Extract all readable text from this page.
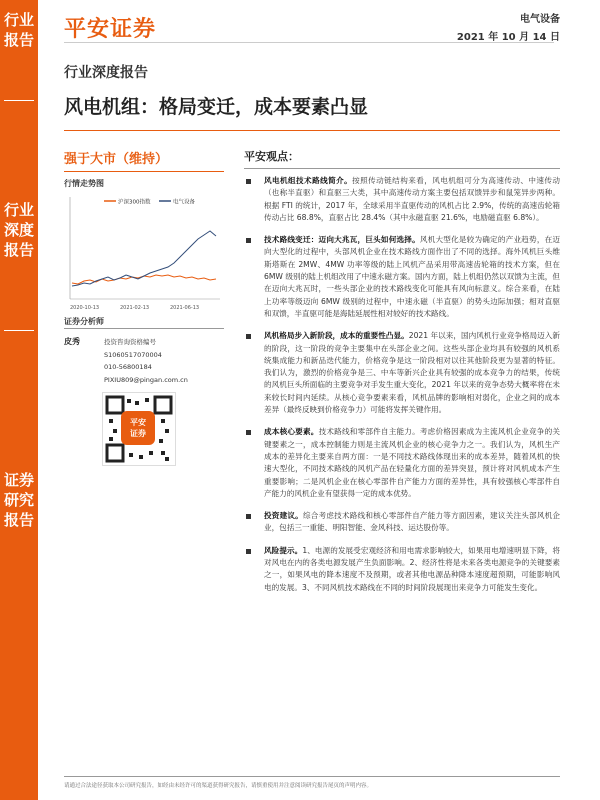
行业报告
行业深度报告
证券研究报告
平安证券	电气设备
2021 年 10 月 14 日
行业深度报告
风电机组：格局变迁，成本要素凸显
强于大市（维持）
行情走势图
沪深300指数	电气设备
2020-10-13	2021-02-13	2021-06-13
证券分析师
皮秀	投资咨询资格编号
S1060517070004
010-56800184
PIXIU809@pingan.com.cn
平安
证券
平安观点：
风电机组技术路线简介。按照传动链结构来看，风电机组可分为高速传动、中速传动（也称半直驱）和直驱三大类，其中高速传动方案主要包括双馈异步和鼠笼异步两种。根据 FTI 的统计，2017 年，全球采用半直驱传动的风机占比 2.9%，传统的高速齿轮箱传动占比 68.8%，直驱占比 28.4%（其中永磁直驱 21.6%，电励磁直驱 6.8%）。
技术路线变迁：迈向大兆瓦，巨头如何选择。风机大型化是较为确定的产业趋势，在迈向大型化的过程中，头部风机企业在技术路线方面作出了不同的选择。海外风机巨头维斯塔斯在 2MW、4MW 功率等级的陆上风机产品采用带高速齿轮箱的技术方案，但在 6MW 级别的陆上机组改用了中速永磁方案。国内方面，陆上机组仍然以双馈为主流，但在迈向大兆瓦时，一些头部企业的技术路线变化可能具有风向标意义。综合来看，在陆上功率等级迈向 6MW 级别的过程中，中速永磁（半直驱）的势头边际加强；相对直驱和双馈，半直驱可能是海陆延展性相对较好的技术路线。
风机格局步入新阶段，成本的重要性凸显。2021 年以来，国内风机行业竞争格局迈入新的阶段，这一阶段的竞争主要集中在头部企业之间。这些头部企业均具有较强的风机系统集成能力和新品迭代能力，价格竞争是这一阶段相对以往其他阶段更为显著的特征。我们认为，激烈的价格竞争是三、中车等新兴企业具有较强的成本竞争力的结果，传统的风机巨头所面临的主要竞争对手发生重大变化，2021 年以来的竞争态势大概率将在未来较长时间内延续。从核心竞争要素来看，风机品牌的影响相对弱化，企业之间的成本差异（最终反映到价格竞争力）可能将发挥关键作用。
成本核心要素。技术路线和零部件自主能力。考虑价格因素成为主流风机企业竞争的关键要素之一，成本控制能力则是主流风机企业的核心竞争力之一。我们认为，风机生产成本的差异化主要来自两方面：一是不同技术路线体现出来的成本差异，随着风机的快速大型化，不同技术路线的风机产品在轻量化方面的差异突显，预计将对风机成本产生重要影响；二是风机企业在核心零部件自产能力方面的差异性，具有较强核心零部件自产能力的风机企业有望获得一定的成本优势。
投资建议。综合考虑技术路线和核心零部件自产能力等方面因素，建议关注头部风机企业，包括三一重能、明阳智能、金风科技、运达股份等。
风险提示。1、电源的发展受宏观经济和用电需求影响较大，如果用电增速明显下降，将对风电在内的各类电源发展产生负面影响。2、经济性将是未来各类电源竞争的关键要素之一，如果风电的降本速度不及预期，或者其他电源品种降本速度超预期，可能影响风电的发展。3、不同风机技术路线在不同的时间阶段展现出来竞争力可能发生变化。
请通过合法途径获取本公司研究报告，如经由未经许可的渠道获得研究报告，请慎重使用并注意阅读研究报告尾页的声明内容。
